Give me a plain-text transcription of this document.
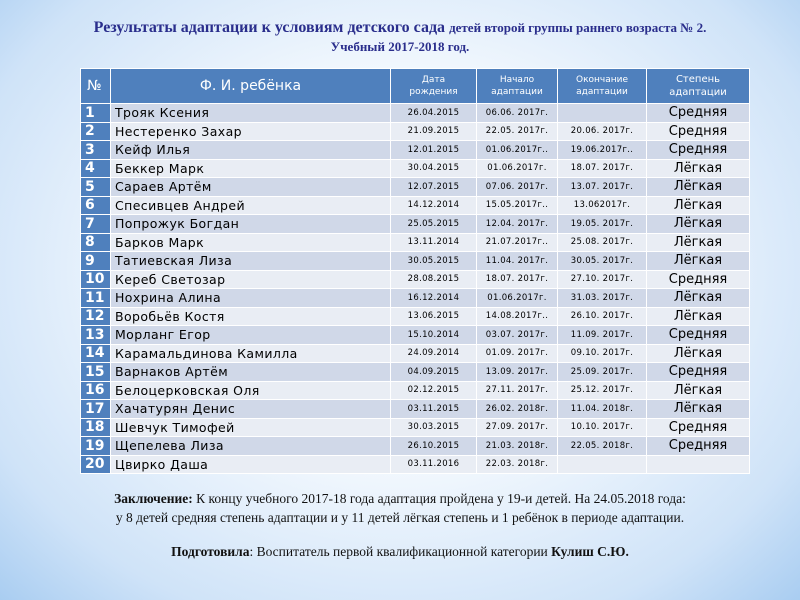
Результаты адаптации к условиям детского сада детей второй группы раннего возраста № 2.
Учебный 2017-2018 год.
№	Ф. И. ребёнка	Дата рождения	Начало адаптации	Окончание адаптации	Степень адаптации

1	Трояк Ксения	26.04.2015	06.06. 2017г.		Средняя
2	Нестеренко Захар	21.09.2015	22.05. 2017г.	20.06. 2017г.	Средняя
3	Кейф Илья	12.01.2015	01.06.2017г..	19.06.2017г..	Средняя
4	Беккер Марк	30.04.2015	01.06.2017г.	18.07. 2017г.	Лёгкая
5	Сараев Артём	12.07.2015	07.06. 2017г.	13.07. 2017г.	Лёгкая
6	Спесивцев Андрей	14.12.2014	15.05.2017г..	13.062017г.	Лёгкая
7	Попрожук Богдан	25.05.2015	12.04. 2017г.	19.05. 2017г.	Лёгкая
8	Барков Марк	13.11.2014	21.07.2017г..	25.08. 2017г.	Лёгкая
9	Татиевская Лиза	30.05.2015	11.04. 2017г.	30.05. 2017г.	Лёгкая
10	Кереб Светозар	28.08.2015	18.07. 2017г.	27.10. 2017г.	Средняя
11	Нохрина Алина	16.12.2014	01.06.2017г.	31.03. 2017г.	Лёгкая
12	Воробьёв Костя	13.06.2015	14.08.2017г..	26.10. 2017г.	Лёгкая
13	Морланг Егор	15.10.2014	03.07. 2017г.	11.09. 2017г.	Средняя
14	Карамальдинова Камилла	24.09.2014	01.09. 2017г.	09.10. 2017г.	Лёгкая
15	Варнаков Артём	04.09.2015	13.09. 2017г.	25.09. 2017г.	Средняя
16	Белоцерковская Оля	02.12.2015	27.11. 2017г.	25.12. 2017г.	Лёгкая
17	Хачатурян Денис	03.11.2015	26.02. 2018г.	11.04. 2018г.	Лёгкая
18	Шевчук Тимофей	30.03.2015	27.09. 2017г.	10.10. 2017г.	Средняя
19	Щепелева Лиза	26.10.2015	21.03. 2018г.	22.05. 2018г.	Средняя
20	Цвирко Даша	03.11.2016	22.03. 2018г.		
Заключение: К концу учебного 2017-18 года адаптация пройдена у 19-и детей. На 24.05.2018 года:
у 8 детей средняя степень адаптации и у 11 детей лёгкая степень и 1 ребёнок в периоде адаптации.
Подготовила: Воспитатель первой квалификационной категории Кулиш С.Ю.
